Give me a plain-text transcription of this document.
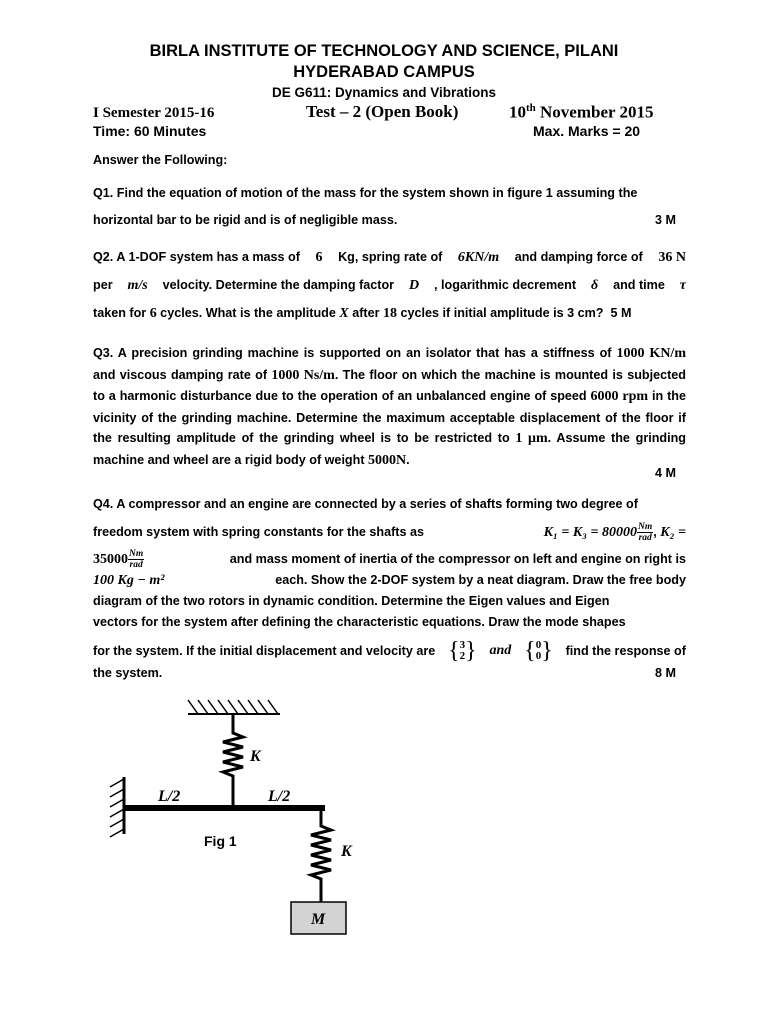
BIRLA INSTITUTE OF TECHNOLOGY AND SCIENCE, PILANI
HYDERABAD CAMPUS
DE G611: Dynamics and Vibrations
I Semester 2015-16	Test – 2 (Open Book)	10th November 2015
Time: 60 Minutes	Max. Marks = 20
Answer the Following:
Q1. Find the equation of motion of the mass for the system shown in figure 1 assuming the
horizontal bar to be rigid and is of negligible mass.	3 M
Q2. A 1-DOF system has a mass of 6 Kg, spring rate of 6KN/m and damping force of 36 N
per m/s velocity. Determine the damping factor D , logarithmic decrement δ and time τ
taken for 6 cycles. What is the amplitude X after 18 cycles if initial amplitude is 3 cm? 5 M
Q3. A precision grinding machine is supported on an isolator that has a stiffness of 1000 KN/m and viscous damping rate of 1000 Ns/m. The floor on which the machine is mounted is subjected to a harmonic disturbance due to the operation of an unbalanced engine of speed 6000 rpm in the vicinity of the grinding machine. Determine the maximum acceptable displacement of the floor if the resulting amplitude of the grinding wheel is to be restricted to 1 μm. Assume the grinding machine and wheel are a rigid body of weight 5000N.
4 M
Q4. A compressor and an engine are connected by a series of shafts forming two degree of
freedom system with spring constants for the shafts as	$K_1 = K_3 = 80000 \frac{Nm}{\text{rad}}$ , K₂ =
$35000 \frac{Nm}{\text{rad}}$	and mass moment of inertia of the compressor on left and engine on right is
100 Kg − m²	each. Show the 2-DOF system by a neat diagram. Draw the free body
diagram of the two rotors in dynamic condition. Determine the Eigen values and Eigen
vectors for the system after defining the characteristic equations. Draw the mode shapes
for the system. If the initial displacement and velocity are { 3
2 } and { 0
0 } find the response of
the system.	8 M
K
L/2	L/2
Fig 1
K
M
